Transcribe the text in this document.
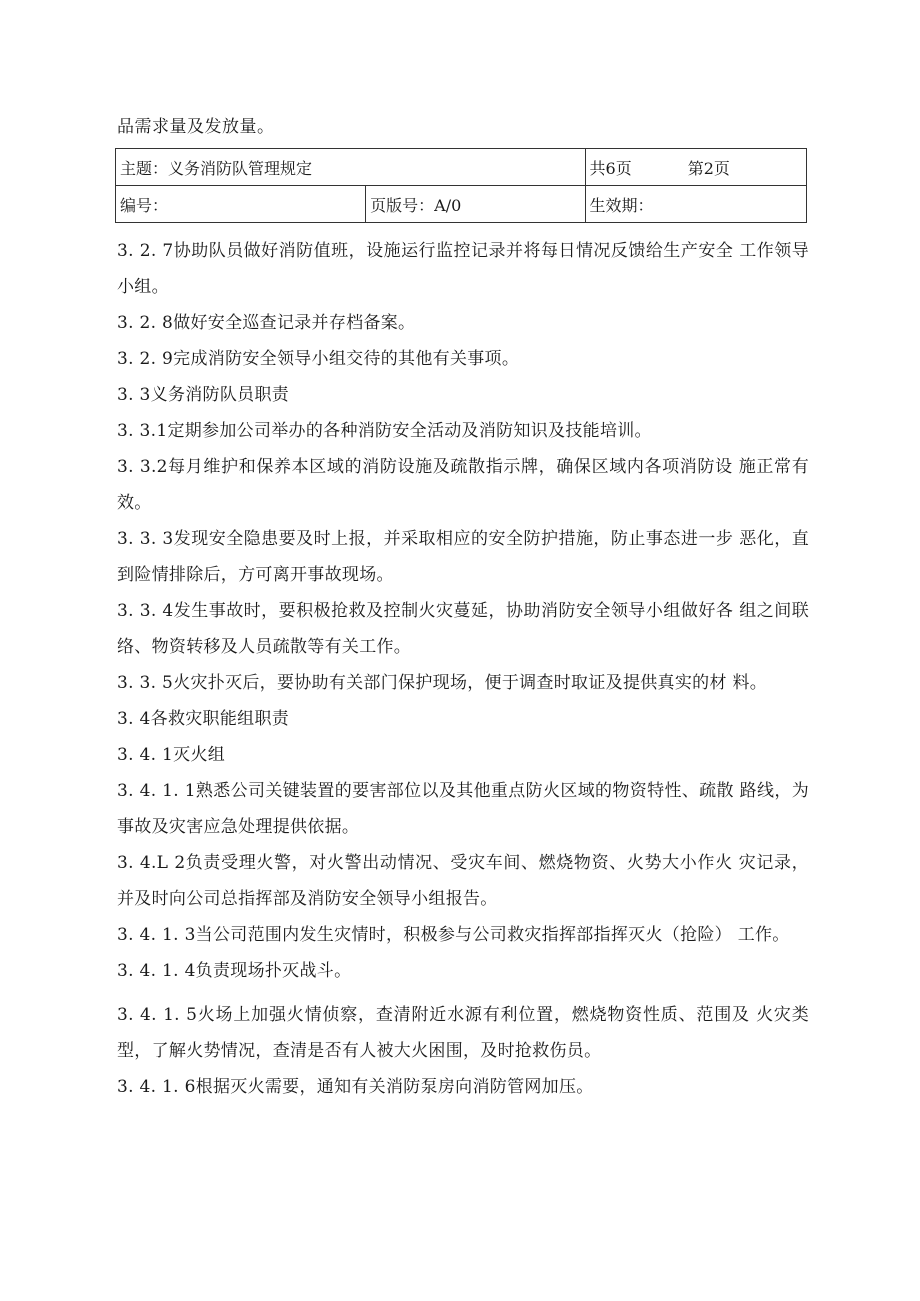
品需求量及发放量。
主题：义务消防队管理规定		共6页 第2页
编号：	页版号：A/0	生效期：

3. 2. 7协助队员做好消防值班，设施运行监控记录并将每日情况反馈给生产安全 工作领导小组。

3. 2. 8做好安全巡查记录并存档备案。

3. 2. 9完成消防安全领导小组交待的其他有关事项。

3. 3义务消防队员职责

3. 3.1定期参加公司举办的各种消防安全活动及消防知识及技能培训。

3. 3.2每月维护和保养本区域的消防设施及疏散指示牌，确保区域内各项消防设 施正常有效。

3. 3. 3发现安全隐患要及时上报，并采取相应的安全防护措施，防止事态进一步 恶化，直到险情排除后，方可离开事故现场。

3. 3. 4发生事故时，要积极抢救及控制火灾蔓延，协助消防安全领导小组做好各 组之间联络、物资转移及人员疏散等有关工作。

3. 3. 5火灾扑灭后，要协助有关部门保护现场，便于调查时取证及提供真实的材 料。

3. 4各救灾职能组职责

3. 4. 1灭火组

3. 4. 1. 1熟悉公司关键装置的要害部位以及其他重点防火区域的物资特性、疏散 路线，为事故及灾害应急处理提供依据。

3. 4.L 2负责受理火警，对火警出动情况、受灾车间、燃烧物资、火势大小作火 灾记录，并及时向公司总指挥部及消防安全领导小组报告。

3. 4. 1. 3当公司范围内发生灾情时，积极参与公司救灾指挥部指挥灭火（抢险） 工作。

3. 4. 1. 4负责现场扑灭战斗。

3. 4. 1. 5火场上加强火情侦察，查清附近水源有利位置，燃烧物资性质、范围及 火灾类型，了解火势情况，查清是否有人被大火困围，及时抢救伤员。

3. 4. 1. 6根据灭火需要，通知有关消防泵房向消防管网加压。
